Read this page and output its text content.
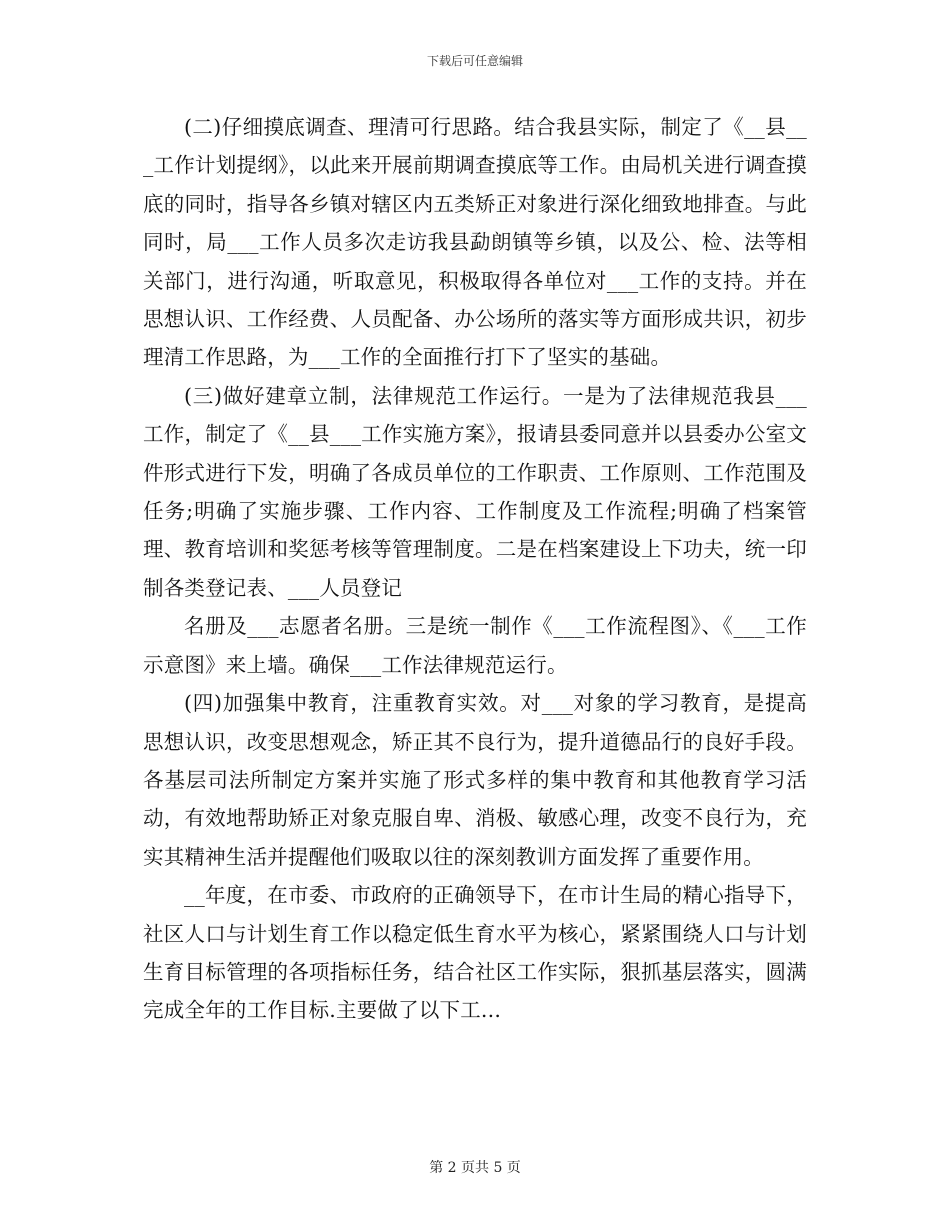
下载后可任意编辑

(二)仔细摸底调查、理清可行思路。结合我县实际，制定了《__县___工作计划提纲》，以此来开展前期调查摸底等工作。由局机关进行调查摸底的同时，指导各乡镇对辖区内五类矫正对象进行深化细致地排查。与此同时，局___工作人员多次走访我县勐朗镇等乡镇，以及公、检、法等相关部门，进行沟通，听取意见，积极取得各单位对___工作的支持。并在思想认识、工作经费、人员配备、办公场所的落实等方面形成共识，初步理清工作思路，为___工作的全面推行打下了坚实的基础。

(三)做好建章立制，法律规范工作运行。一是为了法律规范我县___工作，制定了《__县___工作实施方案》，报请县委同意并以县委办公室文件形式进行下发，明确了各成员单位的工作职责、工作原则、工作范围及任务;明确了实施步骤、工作内容、工作制度及工作流程;明确了档案管理、教育培训和奖惩考核等管理制度。二是在档案建设上下功夫，统一印制各类登记表、___人员登记

名册及___志愿者名册。三是统一制作《___工作流程图》、《___工作示意图》来上墙。确保___工作法律规范运行。

(四)加强集中教育，注重教育实效。对___对象的学习教育，是提高思想认识，改变思想观念，矫正其不良行为，提升道德品行的良好手段。各基层司法所制定方案并实施了形式多样的集中教育和其他教育学习活动，有效地帮助矫正对象克服自卑、消极、敏感心理，改变不良行为，充实其精神生活并提醒他们吸取以往的深刻教训方面发挥了重要作用。

__年度，在市委、市政府的正确领导下，在市计生局的精心指导下，社区人口与计划生育工作以稳定低生育水平为核心，紧紧围绕人口与计划生育目标管理的各项指标任务，结合社区工作实际，狠抓基层落实，圆满完成全年的工作目标.主要做了以下工...

第 2 页共 5 页
